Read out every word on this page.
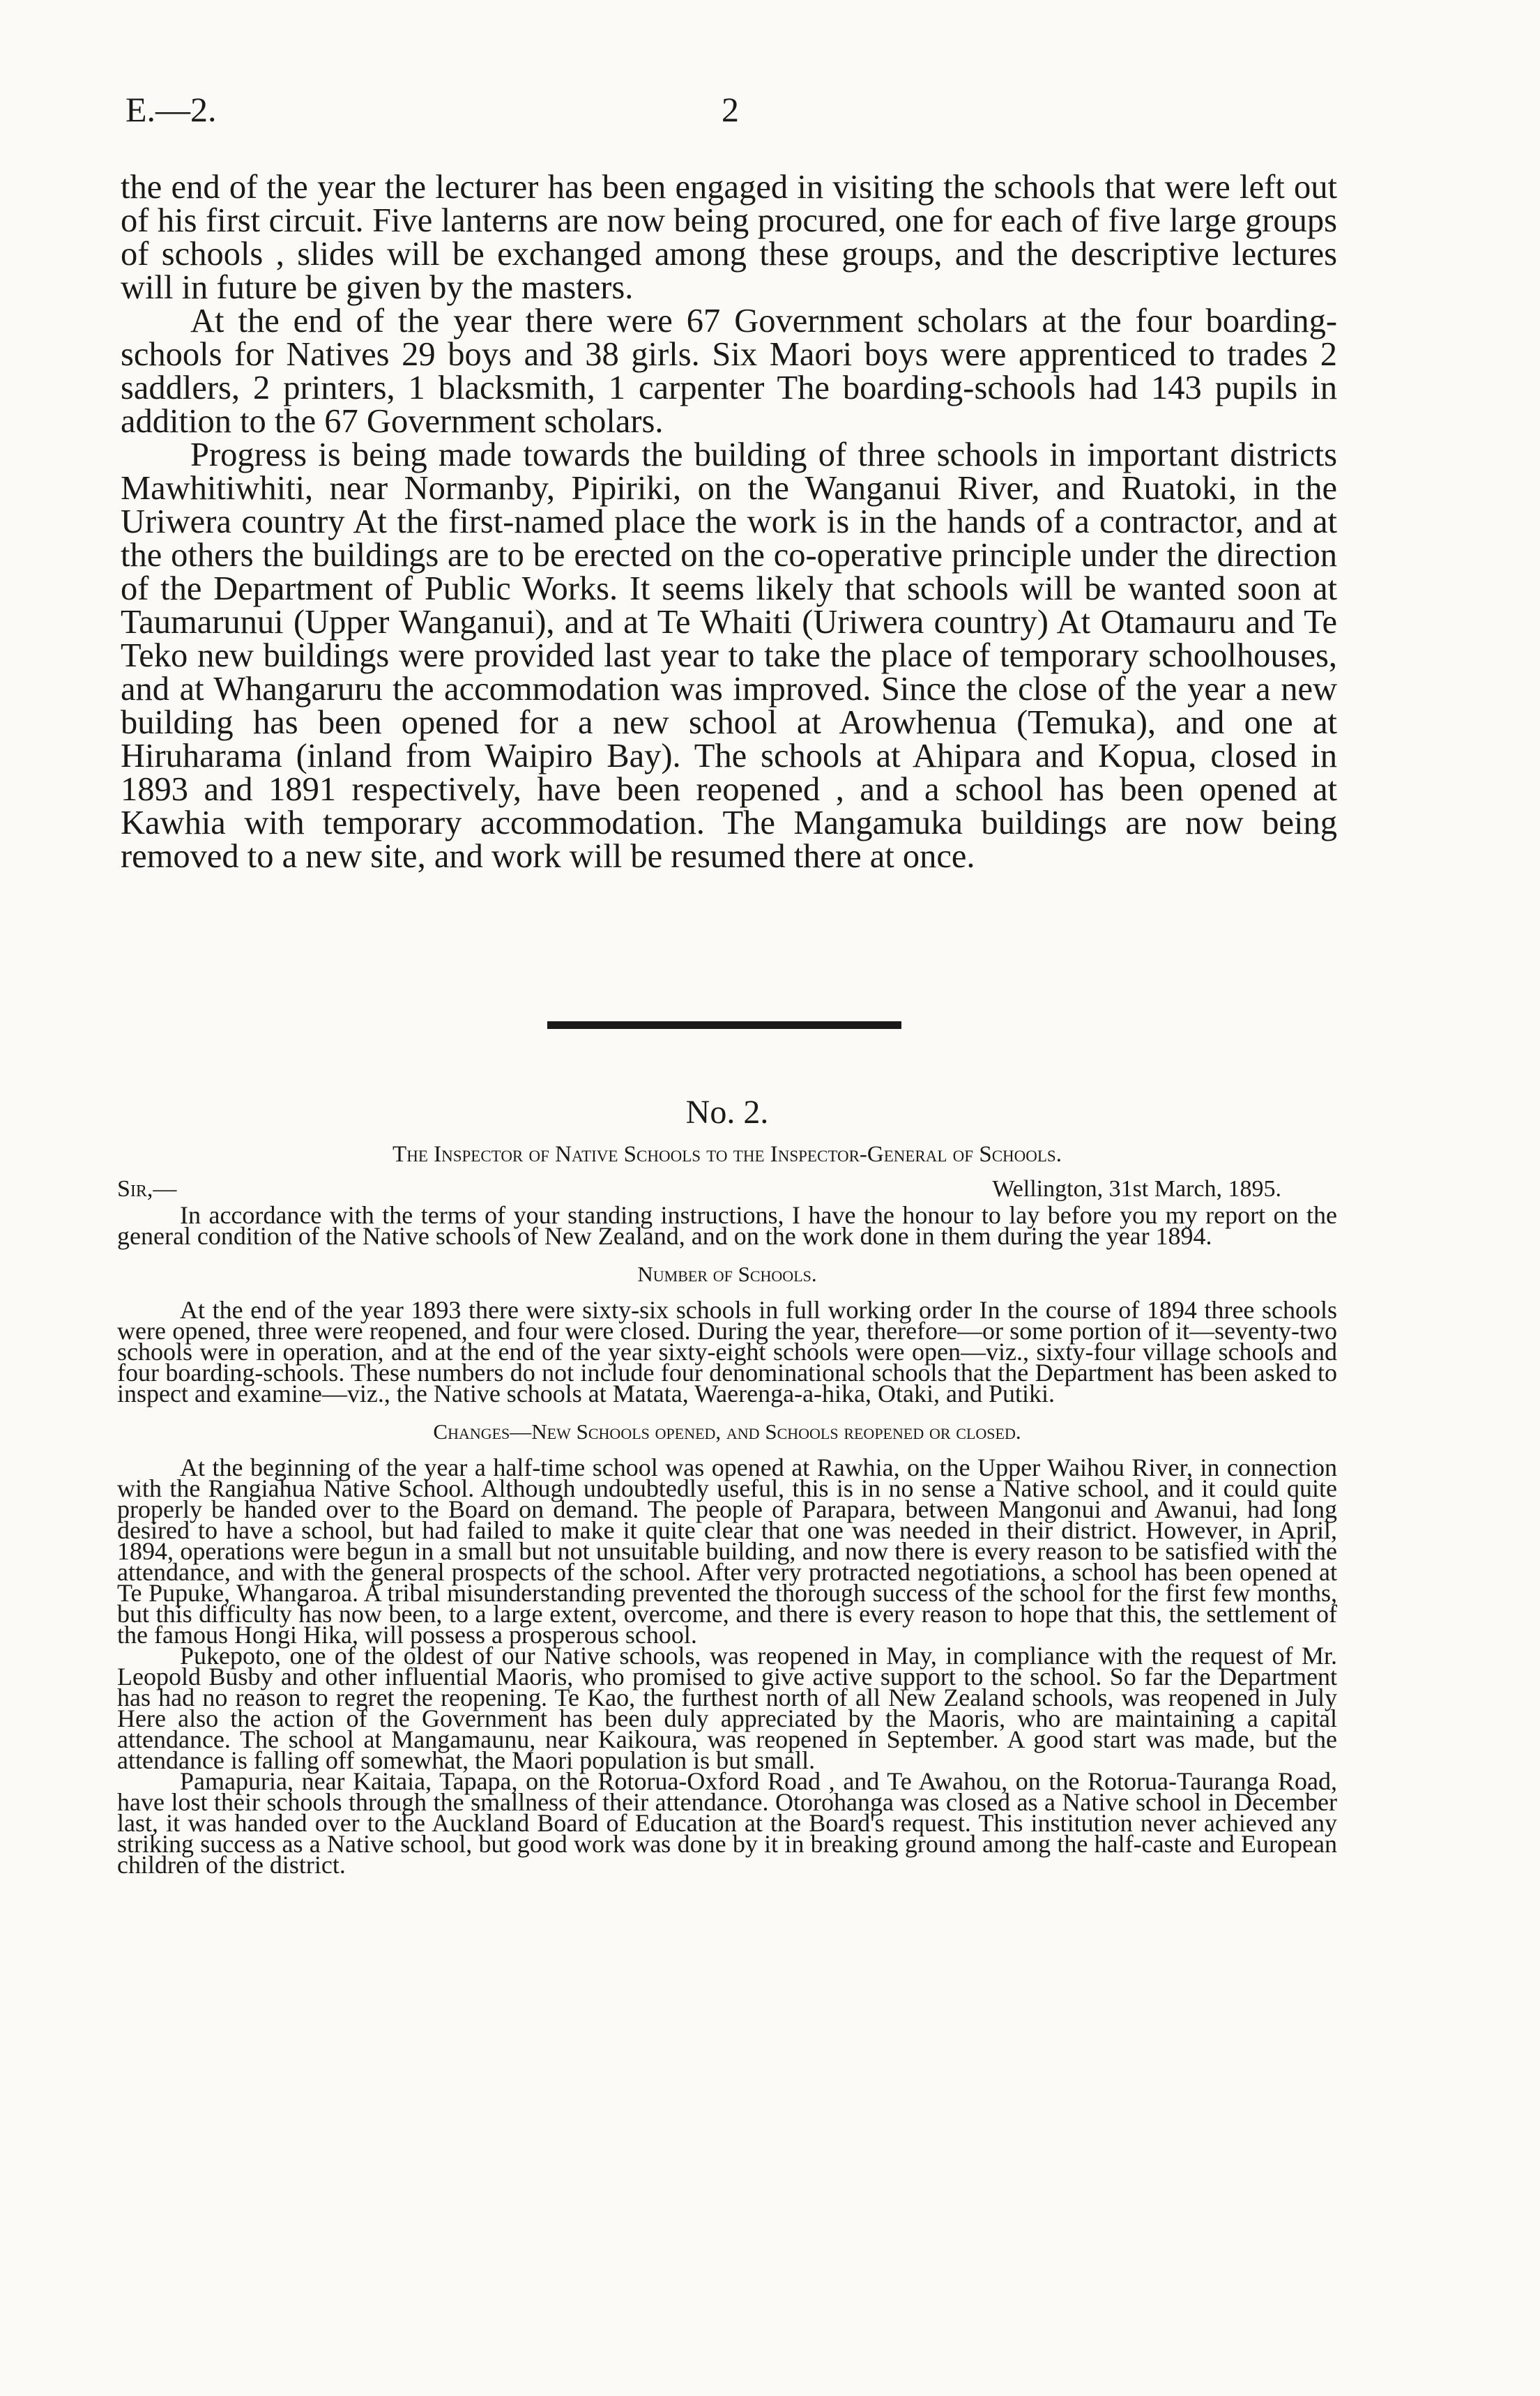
E.—2.	2

the end of the year the lecturer has been engaged in visiting the schools that were left out of his first circuit. Five lanterns are now being procured, one for each of five large groups of schools , slides will be exchanged among these groups, and the descriptive lectures will in future be given by the masters.

At the end of the year there were 67 Government scholars at the four boarding-schools for Natives 29 boys and 38 girls. Six Maori boys were apprenticed to trades 2 saddlers, 2 printers, 1 blacksmith, 1 carpenter The boarding-schools had 143 pupils in addition to the 67 Government scholars.

Progress is being made towards the building of three schools in important districts Mawhitiwhiti, near Normanby, Pipiriki, on the Wanganui River, and Ruatoki, in the Uriwera country At the first-named place the work is in the hands of a contractor, and at the others the buildings are to be erected on the co-operative principle under the direction of the Department of Public Works. It seems likely that schools will be wanted soon at Taumarunui (Upper Wanganui), and at Te Whaiti (Uriwera country) At Otamauru and Te Teko new buildings were provided last year to take the place of temporary schoolhouses, and at Whangaruru the accommodation was improved. Since the close of the year a new building has been opened for a new school at Arowhenua (Temuka), and one at Hiruharama (inland from Waipiro Bay). The schools at Ahipara and Kopua, closed in 1893 and 1891 respectively, have been reopened , and a school has been opened at Kawhia with temporary accommodation. The Mangamuka buildings are now being removed to a new site, and work will be resumed there at once.

No. 2.
The Inspector of Native Schools to the Inspector-General of Schools.
Sir,—	Wellington, 31st March, 1895.

In accordance with the terms of your standing instructions, I have the honour to lay before you my report on the general condition of the Native schools of New Zealand, and on the work done in them during the year 1894.

Number of Schools.

At the end of the year 1893 there were sixty-six schools in full working order In the course of 1894 three schools were opened, three were reopened, and four were closed. During the year, therefore—or some portion of it—seventy-two schools were in operation, and at the end of the year sixty-eight schools were open—viz., sixty-four village schools and four boarding-schools. These numbers do not include four denominational schools that the Department has been asked to inspect and examine—viz., the Native schools at Matata, Waerenga-a-hika, Otaki, and Putiki.

Changes—New Schools opened, and Schools reopened or closed.

At the beginning of the year a half-time school was opened at Rawhia, on the Upper Waihou River, in connection with the Rangiahua Native School. Although undoubtedly useful, this is in no sense a Native school, and it could quite properly be handed over to the Board on demand. The people of Parapara, between Mangonui and Awanui, had long desired to have a school, but had failed to make it quite clear that one was needed in their district. However, in April, 1894, operations were begun in a small but not unsuitable building, and now there is every reason to be satisfied with the attendance, and with the general prospects of the school. After very protracted negotiations, a school has been opened at Te Pupuke, Whangaroa. A tribal misunderstanding prevented the thorough success of the school for the first few months, but this difficulty has now been, to a large extent, overcome, and there is every reason to hope that this, the settlement of the famous Hongi Hika, will possess a prosperous school.

Pukepoto, one of the oldest of our Native schools, was reopened in May, in compliance with the request of Mr. Leopold Busby and other influential Maoris, who promised to give active support to the school. So far the Department has had no reason to regret the reopening. Te Kao, the furthest north of all New Zealand schools, was reopened in July Here also the action of the Government has been duly appreciated by the Maoris, who are maintaining a capital attendance. The school at Mangamaunu, near Kaikoura, was reopened in September. A good start was made, but the attendance is falling off somewhat, the Maori population is but small.

Pamapuria, near Kaitaia, Tapapa, on the Rotorua-Oxford Road , and Te Awahou, on the Rotorua-Tauranga Road, have lost their schools through the smallness of their attendance. Otorohanga was closed as a Native school in December last, it was handed over to the Auckland Board of Education at the Board's request. This institution never achieved any striking success as a Native school, but good work was done by it in breaking ground among the half-caste and European children of the district.
